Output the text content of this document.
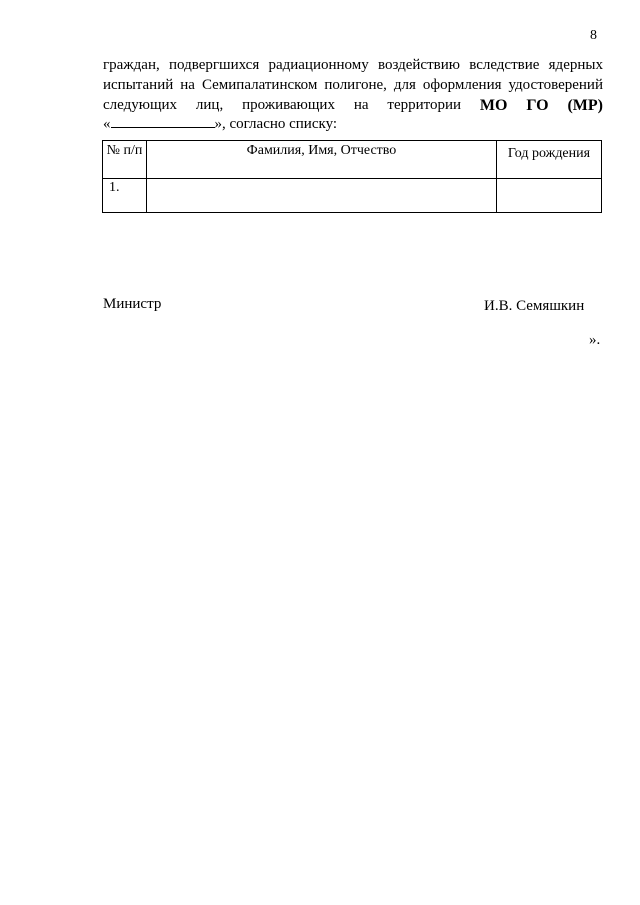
8
граждан, подвергшихся радиационному воздействию вследствие ядерных
испытаний на Семипалатинском полигоне, для оформления удостоверений
следующих лиц, проживающих на территории МО ГО (МР)
«	», согласно списку:
№ п/п	Фамилия, Имя, Отчество	Год рождения
1.		
Министр	И.В. Семяшкин
».
